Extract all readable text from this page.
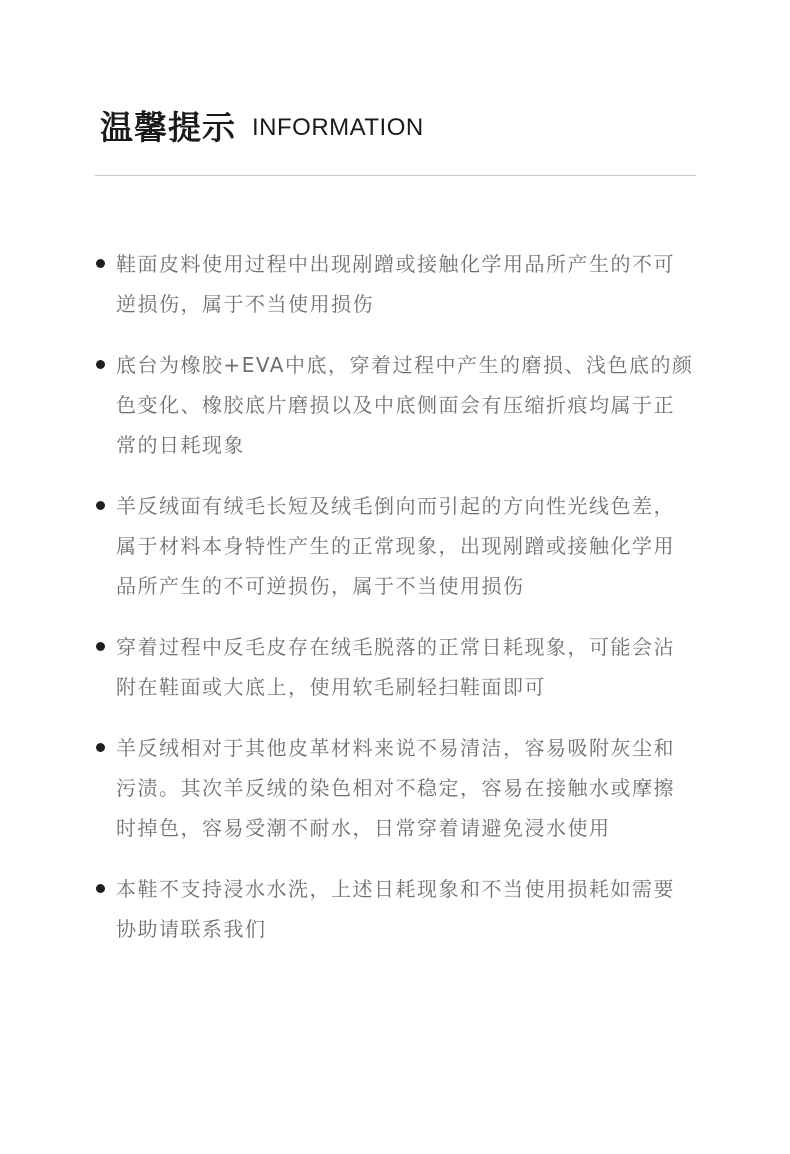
温馨提示 INFORMATION
鞋面皮料使用过程中出现剐蹭或接触化学用品所产生的不可逆损伤，属于不当使用损伤
底台为橡胶+EVA中底，穿着过程中产生的磨损、浅色底的颜色变化、橡胶底片磨损以及中底侧面会有压缩折痕均属于正常的日耗现象
羊反绒面有绒毛长短及绒毛倒向而引起的方向性光线色差，属于材料本身特性产生的正常现象，出现剐蹭或接触化学用品所产生的不可逆损伤，属于不当使用损伤
穿着过程中反毛皮存在绒毛脱落的正常日耗现象，可能会沾附在鞋面或大底上，使用软毛刷轻扫鞋面即可
羊反绒相对于其他皮革材料来说不易清洁，容易吸附灰尘和污渍。其次羊反绒的染色相对不稳定，容易在接触水或摩擦时掉色，容易受潮不耐水，日常穿着请避免浸水使用
本鞋不支持浸水水洗，上述日耗现象和不当使用损耗如需要协助请联系我们
